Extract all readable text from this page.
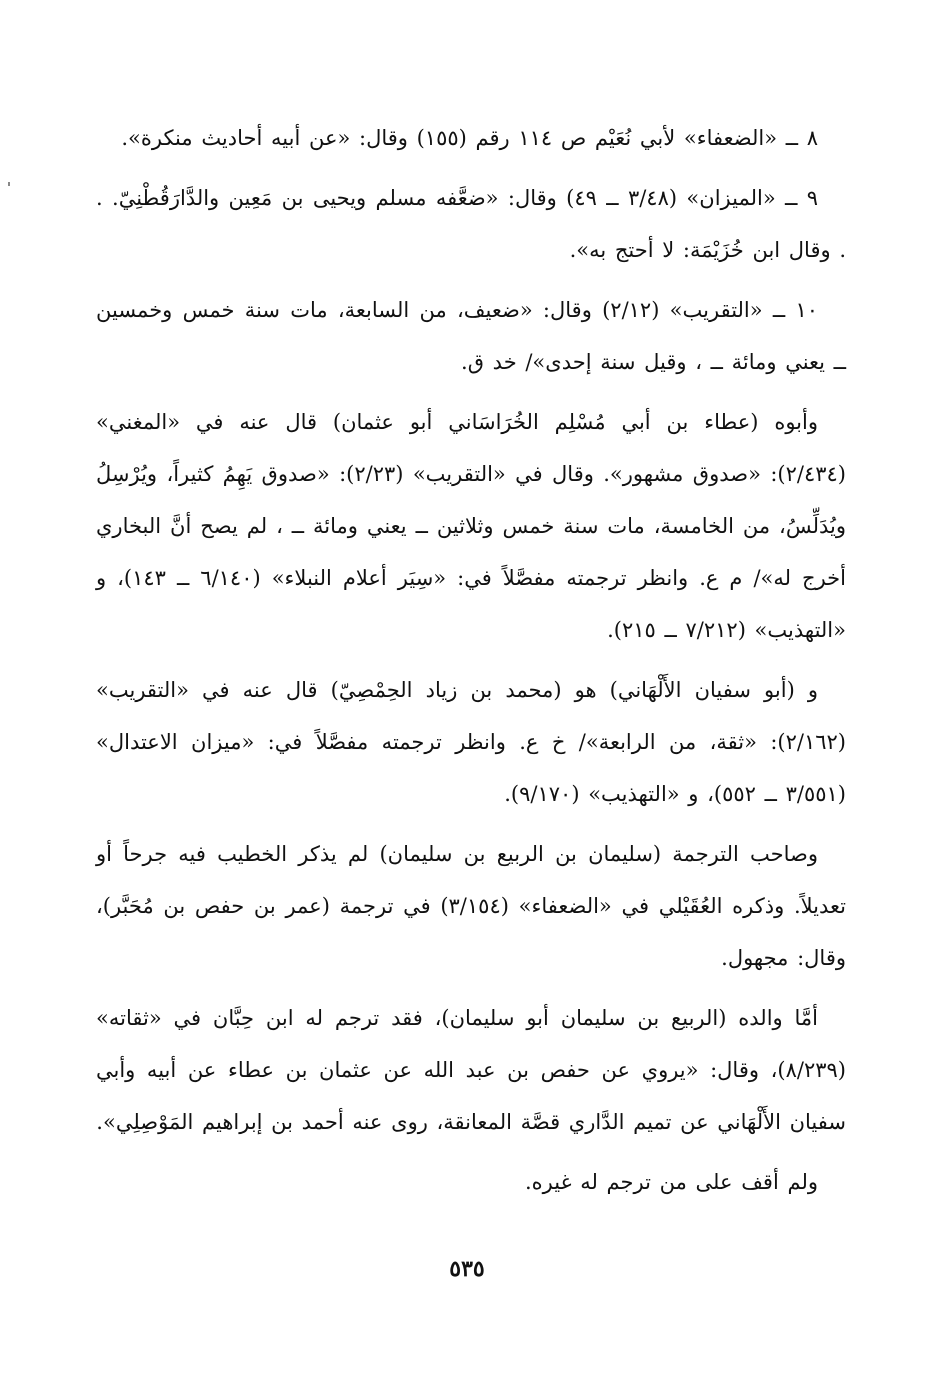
٨ ــ «الضعفاء» لأبي نُعَيْم ص ١١٤ رقم (١٥٥) وقال: «عن أبيه أحاديث منكرة».

٩ ــ «الميزان» (٣/٤٨ ــ ٤٩) وقال: «ضعَّفه مسلم ويحيى بن مَعِين والدَّارَقُطْنِيّ. . . وقال ابن خُزَيْمَة: لا أحتج به».

١٠ ــ «التقريب» (٢/١٢) وقال: «ضعيف، من السابعة، مات سنة خمس وخمسين ــ يعني ومائة ــ ، وقيل سنة إحدى»/ خد ق.

وأبوه (عطاء بن أبي مُسْلِم الخُرَاسَاني أبو عثمان) قال عنه في «المغني» (٢/٤٣٤): «صدوق مشهور». وقال في «التقريب» (٢/٢٣): «صدوق يَهِمُ كثيراً، ويُرْسِلُ ويُدَلِّسُ، من الخامسة، مات سنة خمس وثلاثين ــ يعني ومائة ــ ، لم يصح أنَّ البخاري أخرج له»/ م ع. وانظر ترجمته مفصَّلاً في: «سِيَر أعلام النبلاء» (٦/١٤٠ ــ ١٤٣)، و «التهذيب» (٧/٢١٢ ــ ٢١٥).

و (أبو سفيان الأَلْهَاني) هو (محمد بن زياد الحِمْصِيّ) قال عنه في «التقريب» (٢/١٦٢): «ثقة، من الرابعة»/ خ ع. وانظر ترجمته مفصَّلاً في: «ميزان الاعتدال» (٣/٥٥١ ــ ٥٥٢)، و «التهذيب» (٩/١٧٠).

وصاحب الترجمة (سليمان بن الربيع بن سليمان) لم يذكر الخطيب فيه جرحاً أو تعديلاً. وذكره العُقَيْلي في «الضعفاء» (٣/١٥٤) في ترجمة (عمر بن حفص بن مُحَبَّر)، وقال: مجهول.

أمَّا والده (الربيع بن سليمان أبو سليمان)، فقد ترجم له ابن حِبَّان في «ثقاته» (٨/٢٣٩)، وقال: «يروي عن حفص بن عبد الله عن عثمان بن عطاء عن أبيه وأبي سفيان الأَلْهَاني عن تميم الدَّاري قصَّة المعانقة، روى عنه أحمد بن إبراهيم المَوْصِلِي».

ولم أقف على من ترجم له غيره.

٥٣٥
